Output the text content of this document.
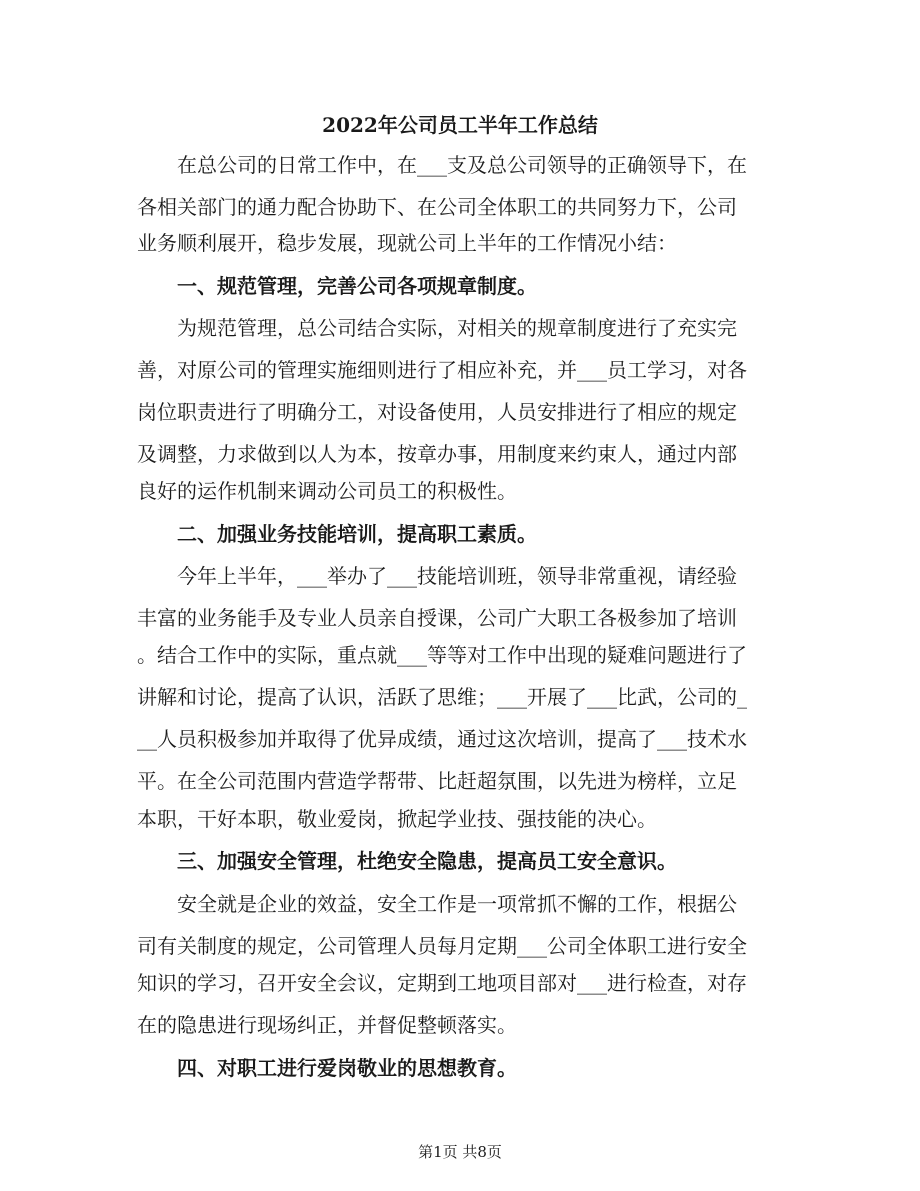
2022年公司员工半年工作总结
在总公司的日常工作中，在___支及总公司领导的正确领导下，在
各相关部门的通力配合协助下、在公司全体职工的共同努力下，公司
业务顺利展开，稳步发展，现就公司上半年的工作情况小结：
一、规范管理，完善公司各项规章制度。
为规范管理，总公司结合实际，对相关的规章制度进行了充实完
善，对原公司的管理实施细则进行了相应补充，并___员工学习，对各
岗位职责进行了明确分工，对设备使用，人员安排进行了相应的规定
及调整，力求做到以人为本，按章办事，用制度来约束人，通过内部
良好的运作机制来调动公司员工的积极性。
二、加强业务技能培训，提高职工素质。
今年上半年，___举办了___技能培训班，领导非常重视，请经验
丰富的业务能手及专业人员亲自授课，公司广大职工各极参加了培训
。结合工作中的实际，重点就___等等对工作中出现的疑难问题进行了
讲解和讨论，提高了认识，活跃了思维；___开展了___比武，公司的_
__人员积极参加并取得了优异成绩，通过这次培训，提高了___技术水
平。在全公司范围内营造学帮带、比赶超氛围，以先进为榜样，立足
本职，干好本职，敬业爱岗，掀起学业技、强技能的决心。
三、加强安全管理，杜绝安全隐患，提高员工安全意识。
安全就是企业的效益，安全工作是一项常抓不懈的工作，根据公
司有关制度的规定，公司管理人员每月定期___公司全体职工进行安全
知识的学习，召开安全会议，定期到工地项目部对___进行检查，对存
在的隐患进行现场纠正，并督促整顿落实。
四、对职工进行爱岗敬业的思想教育。
第1页 共8页
